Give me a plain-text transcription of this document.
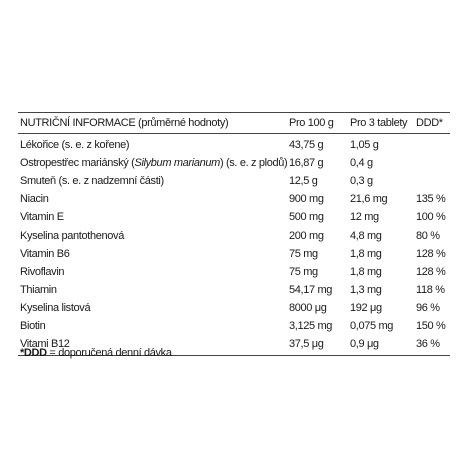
NUTRIČNÍ INFORMACE (průměrné hodnoty)	Pro 100 g Pro 3 tablety DDD*
Lékořice (s. e. z kořene)	43,75 g 1,05 g
Ostropestřec mariánský (Silybum marianum) (s. e. z plodů) 16,87 g 0,4 g
Smuteň (s. e. z nadzemní části)	12,5 g	0,3 g
Niacin	900 mg 21,6 mg	135 %
Vitamin E	500 mg 12 mg	100 %
Kyselina pantothenová	200 mg 4,8 mg	80 %
Vitamin B6	75 mg	1,8 mg	128 %
Rivoflavin	75 mg	1,8 mg	128 %
Thiamin	54,17 mg 1,3 mg	118 %
Kyselina listová	8000 μg 192 μg	96 %
Biotin	3,125 mg 0,075 mg 150 %
Vitami B12	37,5 μg 0,9 μg	36 %
*DDD = doporučená denní dávka
